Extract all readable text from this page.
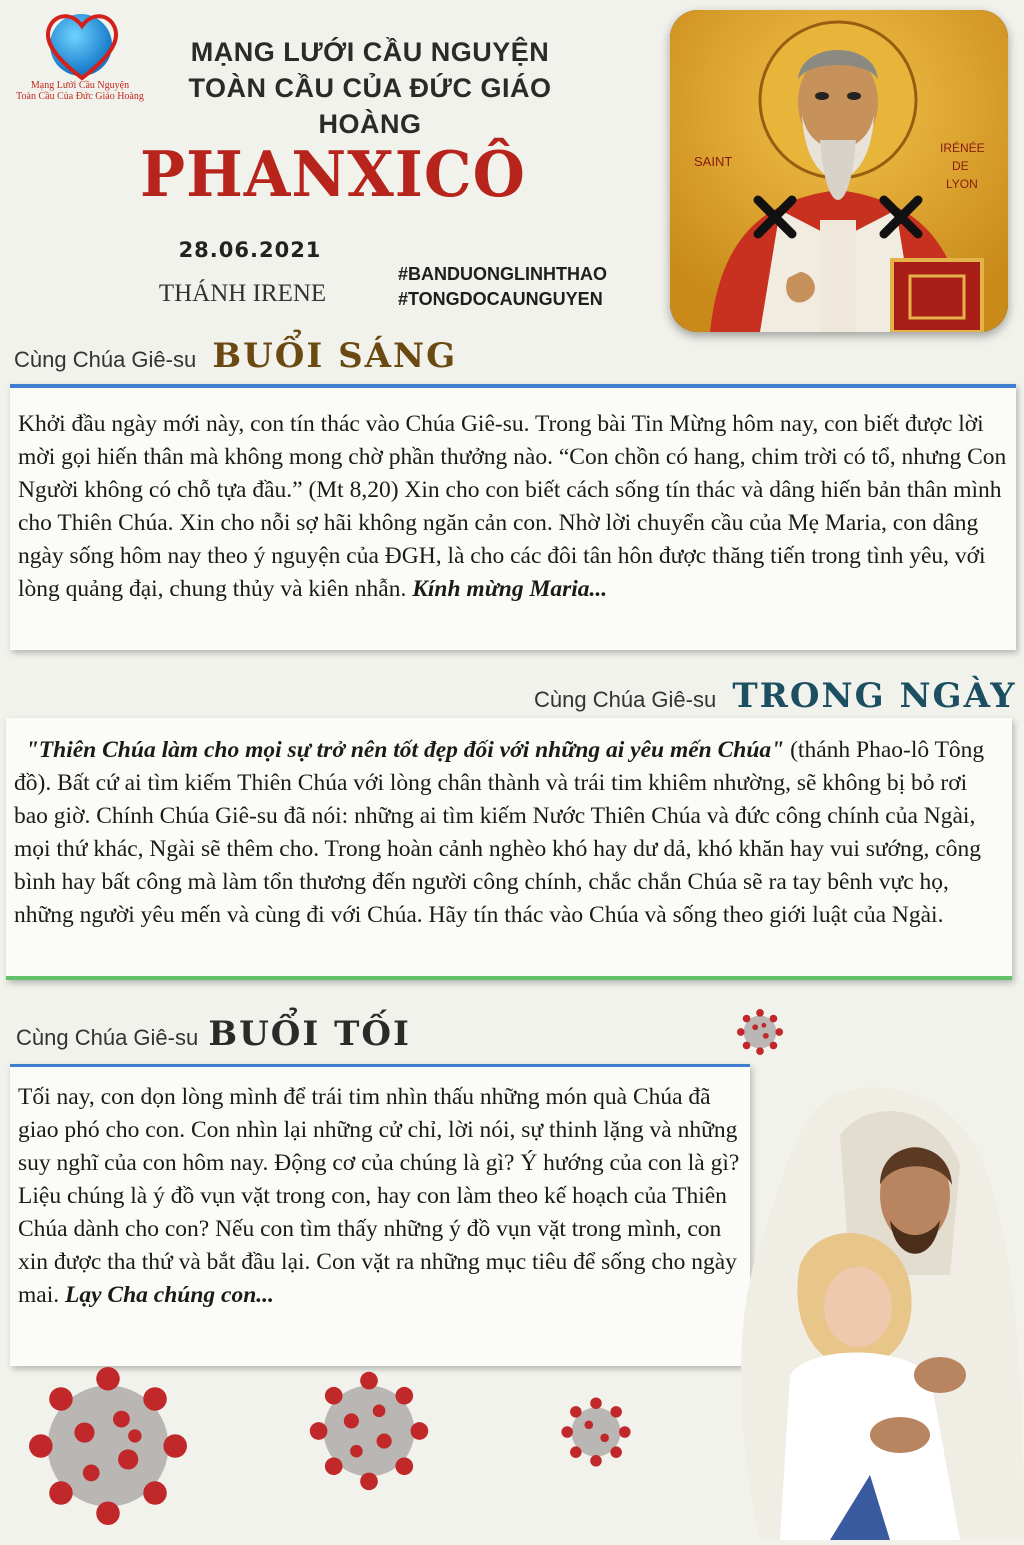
Mạng Lưới Cầu Nguyện
Toàn Cầu Của Đức Giáo Hoàng
MẠNG LƯỚI CẦU NGUYỆN
TOÀN CẦU CỦA ĐỨC GIÁO HOÀNG
PHANXICÔ
28.06.2021
THÁNH IRENE
#BANDUONGLINHTHAO
#TONGDOCAUNGUYEN
SAINT
IRÉNÉE
DE
LYON
Cùng Chúa Giê-su BUỔI SÁNG

Khởi đầu ngày mới này, con tín thác vào Chúa Giê-su. Trong bài Tin Mừng hôm nay, con biết được lời mời gọi hiến thân mà không mong chờ phần thưởng nào. “Con chồn có hang, chim trời có tổ, nhưng Con Người không có chỗ tựa đầu.” (Mt 8,20) Xin cho con biết cách sống tín thác và dâng hiến bản thân mình cho Thiên Chúa. Xin cho nỗi sợ hãi không ngăn cản con. Nhờ lời chuyển cầu của Mẹ Maria, con dâng ngày sống hôm nay theo ý nguyện của ĐGH, là cho các đôi tân hôn được thăng tiến trong tình yêu, với lòng quảng đại, chung thủy và kiên nhẫn. Kính mừng Maria...

Cùng Chúa Giê-su TRONG NGÀY

"Thiên Chúa làm cho mọi sự trở nên tốt đẹp đối với những ai yêu mến Chúa" (thánh Phao-lô Tông đồ). Bất cứ ai tìm kiếm Thiên Chúa với lòng chân thành và trái tim khiêm nhường, sẽ không bị bỏ rơi bao giờ. Chính Chúa Giê-su đã nói: những ai tìm kiếm Nước Thiên Chúa và đức công chính của Ngài, mọi thứ khác, Ngài sẽ thêm cho. Trong hoàn cảnh nghèo khó hay dư dả, khó khăn hay vui sướng, công bình hay bất công mà làm tổn thương đến người công chính, chắc chắn Chúa sẽ ra tay bênh vực họ, những người yêu mến và cùng đi với Chúa. Hãy tín thác vào Chúa và sống theo giới luật của Ngài.

Cùng Chúa Giê-su BUỔI TỐI

Tối nay, con dọn lòng mình để trái tim nhìn thấu những món quà Chúa đã giao phó cho con. Con nhìn lại những cử chỉ, lời nói, sự thinh lặng và những suy nghĩ của con hôm nay. Động cơ của chúng là gì? Ý hướng của con là gì? Liệu chúng là ý đồ vụn vặt trong con, hay con làm theo kế hoạch của Thiên Chúa dành cho con? Nếu con tìm thấy những ý đồ vụn vặt trong mình, con xin được tha thứ và bắt đầu lại. Con vặt ra những mục tiêu để sống cho ngày mai. Lạy Cha chúng con...
